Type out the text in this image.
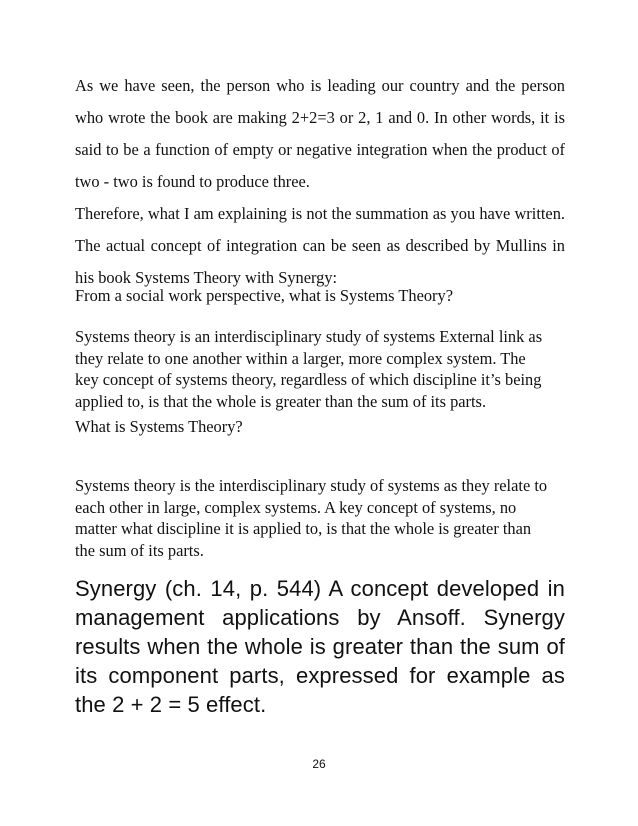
As we have seen, the person who is leading our country and the person who wrote the book are making 2+2=3 or 2, 1 and 0. In other words, it is said to be a function of empty or negative integration when the product of two - two is found to produce three.

Therefore, what I am explaining is not the summation as you have written. The actual concept of integration can be seen as described by Mullins in his book Systems Theory with Synergy:

From a social work perspective, what is Systems Theory?

Systems theory is an interdisciplinary study of systems External link as
they relate to one another within a larger, more complex system. The
key concept of systems theory, regardless of which discipline it’s being
applied to, is that the whole is greater than the sum of its parts.

What is Systems Theory?

Systems theory is the interdisciplinary study of systems as they relate to
each other in large, complex systems. A key concept of systems, no
matter what discipline it is applied to, is that the whole is greater than
the sum of its parts.

Synergy (ch. 14, p. 544) A concept developed in management applications by Ansoff. Synergy results when the whole is greater than the sum of its component parts, expressed for example as the 2 + 2 = 5 effect.

26
